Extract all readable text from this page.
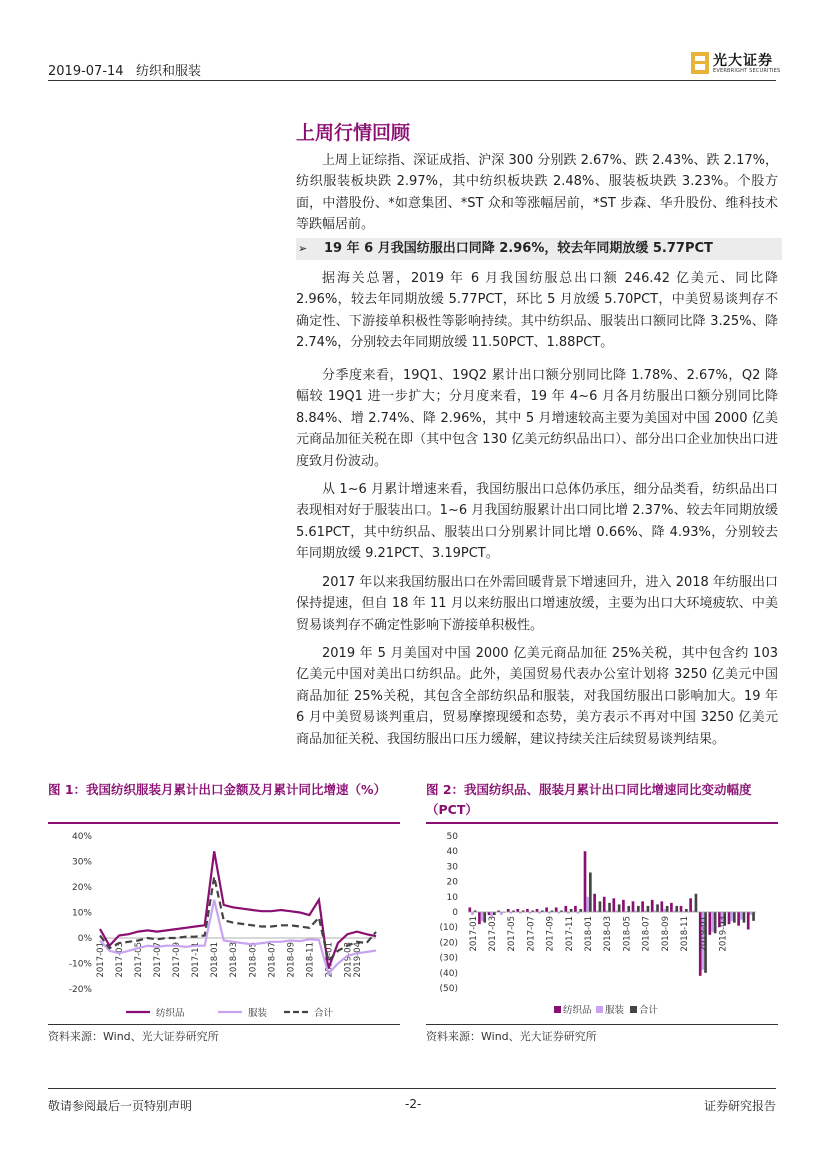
2019-07-14 纺织和服装
光大证券
EVERBRIGHT SECURITIES
上周行情回顾

上周上证综指、深证成指、沪深 300 分别跌 2.67%、跌 2.43%、跌 2.17%，纺织服装板块跌 2.97%，其中纺织板块跌 2.48%、服装板块跌 3.23%。个股方面，中潜股份、*如意集团、*ST 众和等涨幅居前，*ST 步森、华升股份、维科技术等跌幅居前。

➢ 19 年 6 月我国纺服出口同降 2.96%，较去年同期放缓 5.77PCT

据海关总署，2019 年 6 月我国纺服总出口额 246.42 亿美元、同比降 2.96%，较去年同期放缓 5.77PCT，环比 5 月放缓 5.70PCT，中美贸易谈判存不确定性、下游接单积极性等影响持续。其中纺织品、服装出口额同比降 3.25%、降 2.74%，分别较去年同期放缓 11.50PCT、1.88PCT。

分季度来看，19Q1、19Q2 累计出口额分别同比降 1.78%、2.67%，Q2 降幅较 19Q1 进一步扩大；分月度来看，19 年 4~6 月各月纺服出口额分别同比降 8.84%、增 2.74%、降 2.96%，其中 5 月增速较高主要为美国对中国 2000 亿美元商品加征关税在即（其中包含 130 亿美元纺织品出口）、部分出口企业加快出口进度致月份波动。

从 1~6 月累计增速来看，我国纺服出口总体仍承压，细分品类看，纺织品出口表现相对好于服装出口。1~6 月我国纺服累计出口同比增 2.37%、较去年同期放缓 5.61PCT，其中纺织品、服装出口分别累计同比增 0.66%、降 4.93%，分别较去年同期放缓 9.21PCT、3.19PCT。

2017 年以来我国纺服出口在外需回暖背景下增速回升，进入 2018 年纺服出口保持提速，但自 18 年 11 月以来纺服出口增速放缓，主要为出口大环境疲软、中美贸易谈判存不确定性影响下游接单积极性。

2019 年 5 月美国对中国 2000 亿美元商品加征 25%关税，其中包含约 103 亿美元中国对美出口纺织品。此外，美国贸易代表办公室计划将 3250 亿美元中国商品加征 25%关税，其包含全部纺织品和服装，对我国纺服出口影响加大。19 年 6 月中美贸易谈判重启，贸易摩擦现缓和态势，美方表示不再对中国 3250 亿美元商品加征关税、我国纺服出口压力缓解，建议持续关注后续贸易谈判结果。

图 1：我国纺织服装月累计出口金额及月累计同比增速（%）
40%
30%
20%
10%
0%
-10%
-20%
2017-01 2017-03 2017-05 2017-07 2017-09 2017-11 2018-01 2018-03 2018-05 2018-07 2018-09 2018-11 2019-01 2019-03 2019-04
纺织品	服装	合计
资料来源：Wind、光大证券研究所
图 2：我国纺织品、服装月累计出口同比增速同比变动幅度（PCT）
50
40
30
20
10
0
(10)
(20)
(30)
(40)
(50)
2017-01 2017-03 2017-05 2017-07 2017-09 2017-11 2018-01 2018-03 2018-05 2018-07 2018-09 2018-11 2019-01 2019-03
纺织品 服装 合计
资料来源：Wind、光大证券研究所
敬请参阅最后一页特别声明	-2-	证券研究报告
